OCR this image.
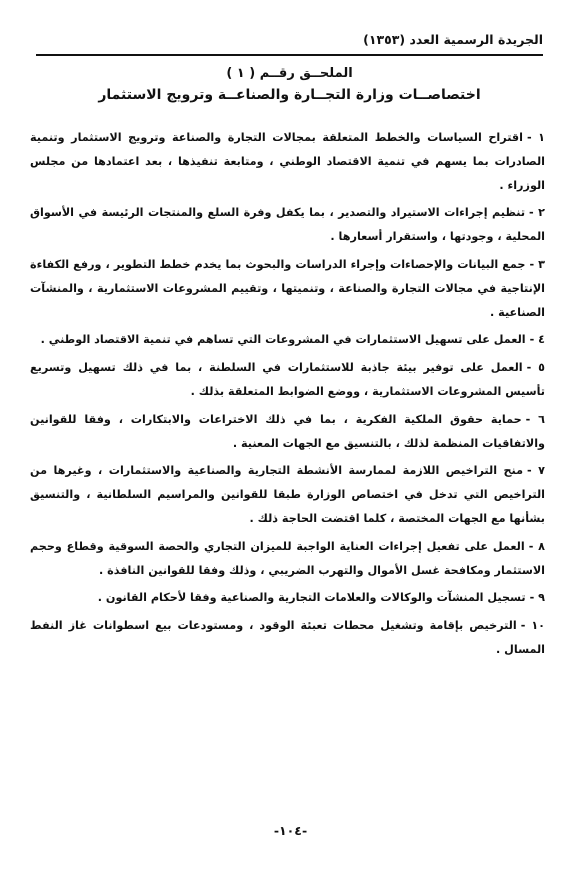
الجريدة الرسمية العدد (١٣٥٣)
الملحــق رقــم ( ١ )
اختصاصــات وزارة التجــارة والصناعــة وترويج الاستثمار
١ -اقتراح السياسات والخطط المتعلقة بمجالات التجارة والصناعة وترويج الاستثمار وتنمية الصادرات بما يسهم في تنمية الاقتصاد الوطني ، ومتابعة تنفيذها ، بعد اعتمادها من مجلس الوزراء .
٢ -تنظيم إجراءات الاستيراد والتصدير ، بما يكفل وفرة السلع والمنتجات الرئيسة في الأسواق المحلية ، وجودتها ، واستقرار أسعارها .
٣ -جمع البيانات والإحصاءات وإجراء الدراسات والبحوث بما يخدم خطط التطوير ، ورفع الكفاءة الإنتاجية في مجالات التجارة والصناعة ، وتنميتها ، وتقييم المشروعات الاستثمارية ، والمنشآت الصناعية .
٤ -العمل على تسهيل الاستثمارات في المشروعات التي تساهم في تنمية الاقتصاد الوطني .
٥ -العمل على توفير بيئة جاذبة للاستثمارات في السلطنة ، بما في ذلك تسهيل وتسريع تأسيس المشروعات الاستثمارية ، ووضع الضوابط المتعلقة بذلك .
٦ -حماية حقوق الملكية الفكرية ، بما في ذلك الاختراعات والابتكارات ، وفقا للقوانين والاتفاقيات المنظمة لذلك ، بالتنسيق مع الجهات المعنية .
٧ -منح التراخيص اللازمة لممارسة الأنشطة التجارية والصناعية والاستثمارات ، وغيرها من التراخيص التي تدخل في اختصاص الوزارة طبقا للقوانين والمراسيم السلطانية ، والتنسيق بشأنها مع الجهات المختصة ، كلما اقتضت الحاجة ذلك .
٨ -العمل على تفعيل إجراءات العناية الواجبة للميزان التجاري والحصة السوقية وقطاع وحجم الاستثمار ومكافحة غسل الأموال والتهرب الضريبي ، وذلك وفقا للقوانين النافذة .
٩ -تسجيل المنشآت والوكالات والعلامات التجارية والصناعية وفقا لأحكام القانون .
١٠ -الترخيص بإقامة وتشغيل محطات تعبئة الوقود ، ومستودعات بيع اسطوانات غاز النفط المسال .
-١٠٤-
